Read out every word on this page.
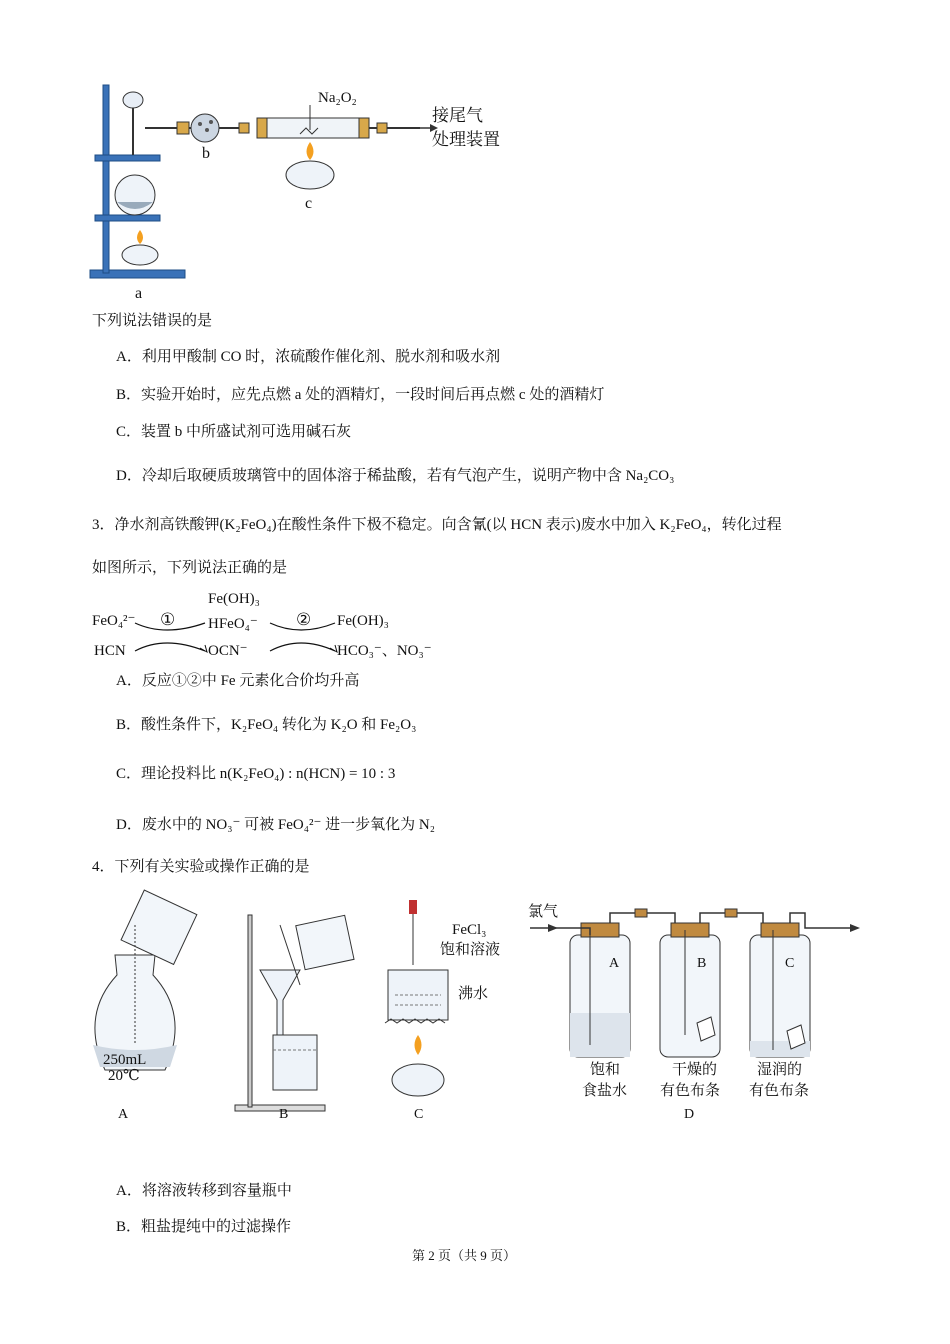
Na₂O₂
接尾气
处理装置
a
b
c
下列说法错误的是
A．利用甲酸制 CO 时，浓硫酸作催化剂、脱水剂和吸水剂
B．实验开始时，应先点燃 a 处的酒精灯，一段时间后再点燃 c 处的酒精灯
C．装置 b 中所盛试剂可选用碱石灰
D．冷却后取硬质玻璃管中的固体溶于稀盐酸，若有气泡产生，说明产物中含 Na₂CO₃
3．净水剂高铁酸钾(K₂FeO₄)在酸性条件下极不稳定。向含氰(以 HCN 表示)废水中加入 K₂FeO₄，转化过程
如图所示，下列说法正确的是
FeO₄²⁻
HCN
①
Fe(OH)₃
HFeO₄⁻
OCN⁻
② Fe(OH)₃
HCO₃⁻、NO₃⁻
A．反应①②中 Fe 元素化合价均升高
B．酸性条件下，K₂FeO₄ 转化为 K₂O 和 Fe₂O₃
C．理论投料比 n(K₂FeO₄) : n(HCN) = 10 : 3
D．废水中的 NO₃⁻ 可被 FeO₄²⁻ 进一步氧化为 N₂
4．下列有关实验或操作正确的是
250mL
20℃
FeCl₃
饱和溶液
沸水
氯气
A	B	C
饱和
食盐水
干燥的
有色布条
湿润的
有色布条
A	B	C	D
A．将溶液转移到容量瓶中
B．粗盐提纯中的过滤操作
第 2 页（共 9 页）
